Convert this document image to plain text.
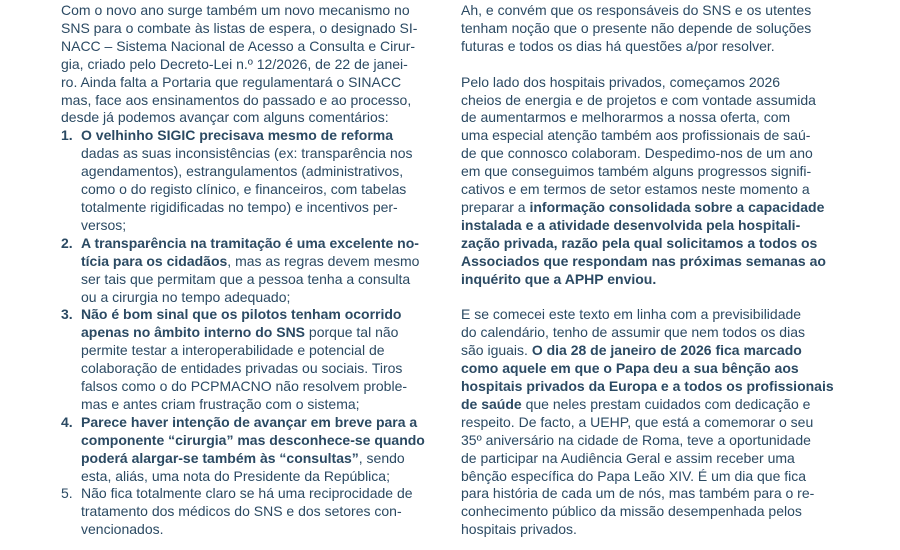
Com o novo ano surge também um novo mecanismo no
SNS para o combate às listas de espera, o designado SI-
NACC – Sistema Nacional de Acesso a Consulta e Cirur-
gia, criado pelo Decreto-Lei n.º 12/2026, de 22 de janei-
ro. Ainda falta a Portaria que regulamentará o SINACC
mas, face aos ensinamentos do passado e ao processo,
desde já podemos avançar com alguns comentários:

1. O velhinho SIGIC precisava mesmo de reforma
dadas as suas inconsistências (ex: transparência nos
agendamentos), estrangulamentos (administrativos,
como o do registo clínico, e financeiros, com tabelas
totalmente rigidificadas no tempo) e incentivos per-
versos;
2. A transparência na tramitação é uma excelente no-
tícia para os cidadãos, mas as regras devem mesmo
ser tais que permitam que a pessoa tenha a consulta
ou a cirurgia no tempo adequado;
3. Não é bom sinal que os pilotos tenham ocorrido
apenas no âmbito interno do SNS porque tal não
permite testar a interoperabilidade e potencial de
colaboração de entidades privadas ou sociais. Tiros
falsos como o do PCPMACNO não resolvem proble-
mas e antes criam frustração com o sistema;
4. Parece haver intenção de avançar em breve para a
componente “cirurgia” mas desconhece-se quando
poderá alargar-se também às “consultas”, sendo
esta, aliás, uma nota do Presidente da República;
5. Não fica totalmente claro se há uma reciprocidade de
tratamento dos médicos do SNS e dos setores con-
vencionados.

Ah, e convém que os responsáveis do SNS e os utentes
tenham noção que o presente não depende de soluções
futuras e todos os dias há questões a/por resolver.

Pelo lado dos hospitais privados, começamos 2026
cheios de energia e de projetos e com vontade assumida
de aumentarmos e melhorarmos a nossa oferta, com
uma especial atenção também aos profissionais de saú-
de que connosco colaboram. Despedimo-nos de um ano
em que conseguimos também alguns progressos signifi-
cativos e em termos de setor estamos neste momento a
preparar a informação consolidada sobre a capacidade
instalada e a atividade desenvolvida pela hospitali-
zação privada, razão pela qual solicitamos a todos os
Associados que respondam nas próximas semanas ao
inquérito que a APHP enviou.

E se comecei este texto em linha com a previsibilidade
do calendário, tenho de assumir que nem todos os dias
são iguais. O dia 28 de janeiro de 2026 fica marcado
como aquele em que o Papa deu a sua bênção aos
hospitais privados da Europa e a todos os profissionais
de saúde que neles prestam cuidados com dedicação e
respeito. De facto, a UEHP, que está a comemorar o seu
35º aniversário na cidade de Roma, teve a oportunidade
de participar na Audiência Geral e assim receber uma
bênção específica do Papa Leão XIV. É um dia que fica
para história de cada um de nós, mas também para o re-
conhecimento público da missão desempenhada pelos
hospitais privados.
